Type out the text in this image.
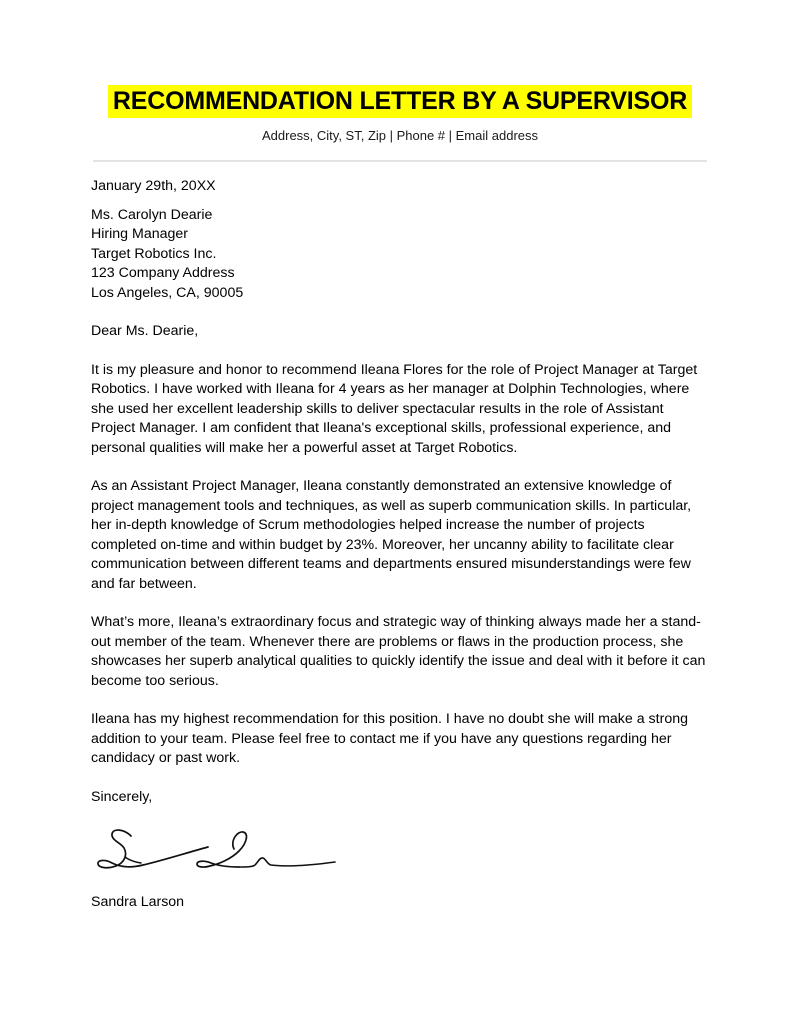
RECOMMENDATION LETTER BY A SUPERVISOR

Address, City, ST, Zip | Phone # | Email address

January 29th, 20XX

Ms. Carolyn Dearie
Hiring Manager
Target Robotics Inc.
123 Company Address
Los Angeles, CA, 90005

Dear Ms. Dearie,

It is my pleasure and honor to recommend Ileana Flores for the role of Project Manager at Target Robotics. I have worked with Ileana for 4 years as her manager at Dolphin Technologies, where she used her excellent leadership skills to deliver spectacular results in the role of Assistant Project Manager. I am confident that Ileana's exceptional skills, professional experience, and personal qualities will make her a powerful asset at Target Robotics.

As an Assistant Project Manager, Ileana constantly demonstrated an extensive knowledge of project management tools and techniques, as well as superb communication skills. In particular, her in-depth knowledge of Scrum methodologies helped increase the number of projects completed on-time and within budget by 23%. Moreover, her uncanny ability to facilitate clear communication between different teams and departments ensured misunderstandings were few and far between.

What’s more, Ileana’s extraordinary focus and strategic way of thinking always made her a stand-out member of the team. Whenever there are problems or flaws in the production process, she showcases her superb analytical qualities to quickly identify the issue and deal with it before it can become too serious.

Ileana has my highest recommendation for this position. I have no doubt she will make a strong addition to your team. Please feel free to contact me if you have any questions regarding her candidacy or past work.

Sincerely,

Sandra Larson
